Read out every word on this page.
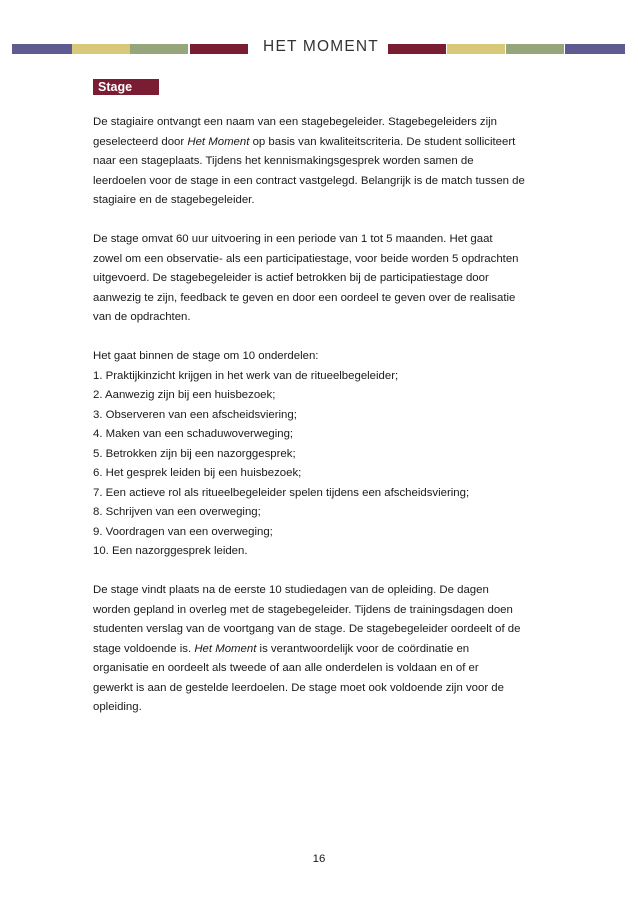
HET MOMENT
Stage
De stagiaire ontvangt een naam van een stagebegeleider. Stagebegeleiders zijn
geselecteerd door Het Moment op basis van kwaliteitscriteria. De student solliciteert
naar een stageplaats. Tijdens het kennismakingsgesprek worden samen de
leerdoelen voor de stage in een contract vastgelegd. Belangrijk is de match tussen de
stagiaire en de stagebegeleider.
De stage omvat 60 uur uitvoering in een periode van 1 tot 5 maanden. Het gaat
zowel om een observatie- als een participatiestage, voor beide worden 5 opdrachten
uitgevoerd. De stagebegeleider is actief betrokken bij de participatiestage door
aanwezig te zijn, feedback te geven en door een oordeel te geven over de realisatie
van de opdrachten.
Het gaat binnen de stage om 10 onderdelen:
1. Praktijkinzicht krijgen in het werk van de ritueelbegeleider;
2. Aanwezig zijn bij een huisbezoek;
3. Observeren van een afscheidsviering;
4. Maken van een schaduwoverweging;
5. Betrokken zijn bij een nazorggesprek;
6. Het gesprek leiden bij een huisbezoek;
7. Een actieve rol als ritueelbegeleider spelen tijdens een afscheidsviering;
8. Schrijven van een overweging;
9. Voordragen van een overweging;
10. Een nazorggesprek leiden.
De stage vindt plaats na de eerste 10 studiedagen van de opleiding. De dagen
worden gepland in overleg met de stagebegeleider. Tijdens de trainingsdagen doen
studenten verslag van de voortgang van de stage. De stagebegeleider oordeelt of de
stage voldoende is. Het Moment is verantwoordelijk voor de coördinatie en
organisatie en oordeelt als tweede of aan alle onderdelen is voldaan en of er
gewerkt is aan de gestelde leerdoelen. De stage moet ook voldoende zijn voor de
opleiding.
16
